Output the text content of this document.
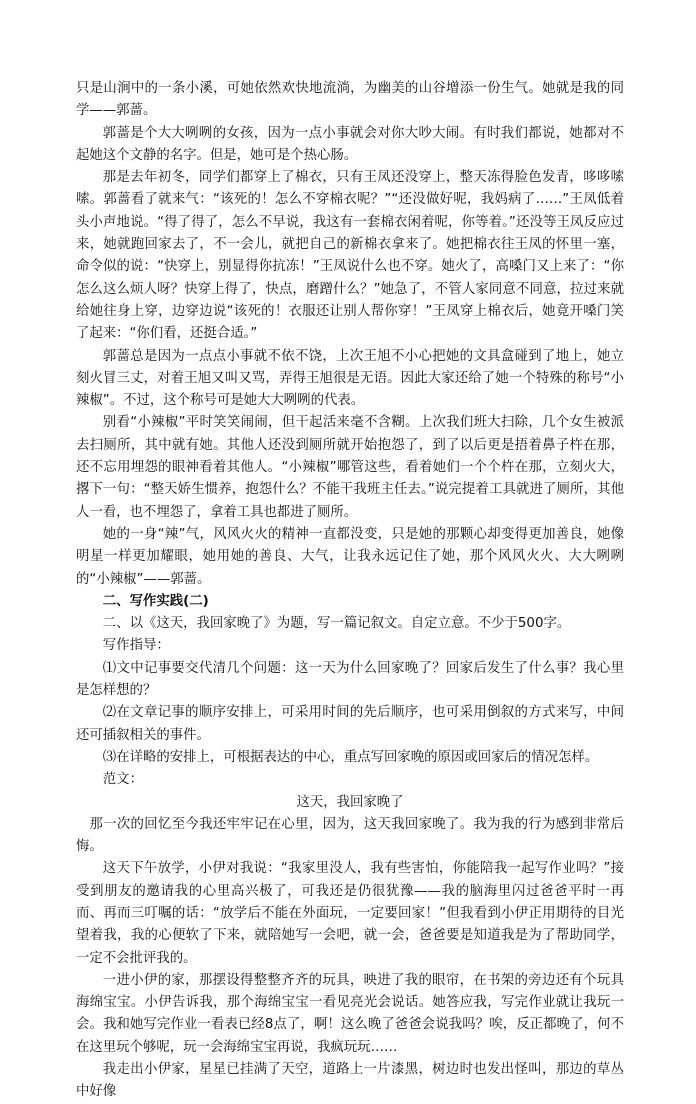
只是山涧中的一条小溪，可她依然欢快地流淌，为幽美的山谷增添一份生气。她就是我的同学——郭蔷。

郭蔷是个大大咧咧的女孩，因为一点小事就会对你大吵大闹。有时我们都说，她都对不起她这个文静的名字。但是，她可是个热心肠。

那是去年初冬，同学们都穿上了棉衣，只有王凤还没穿上，整天冻得脸色发青，哆哆嗦嗦。郭蔷看了就来气：“该死的！怎么不穿棉衣呢？”“还没做好呢，我妈病了……”王凤低着头小声地说。“得了得了，怎么不早说，我这有一套棉衣闲着呢，你等着。”还没等王凤反应过来，她就跑回家去了，不一会儿，就把自己的新棉衣拿来了。她把棉衣往王凤的怀里一塞，命令似的说：“快穿上，别显得你抗冻！”王凤说什么也不穿。她火了，高嗓门又上来了：“你怎么这么烦人呀？快穿上得了，快点，磨蹭什么？”她急了，不管人家同意不同意，拉过来就给她往身上穿，边穿边说“该死的！衣服还让别人帮你穿！”王凤穿上棉衣后，她竟开嗓门笑了起来：“你们看，还挺合适。”

郭蔷总是因为一点点小事就不依不饶，上次王旭不小心把她的文具盒碰到了地上，她立刻火冒三丈，对着王旭又叫又骂，弄得王旭很是无语。因此大家还给了她一个特殊的称号“小辣椒”。不过，这个称号可是她大大咧咧的代表。

别看“小辣椒”平时笑笑闹闹，但干起活来毫不含糊。上次我们班大扫除，几个女生被派去扫厕所，其中就有她。其他人还没到厕所就开始抱怨了，到了以后更是捂着鼻子杵在那，还不忘用埋怨的眼神看着其他人。“小辣椒”哪管这些，看着她们一个个杵在那，立刻火大，撂下一句：“整天娇生惯养，抱怨什么？不能干我班主任去。”说完提着工具就进了厕所，其他人一看，也不埋怨了，拿着工具也都进了厕所。

她的一身“辣”气，风风火火的精神一直都没变，只是她的那颗心却变得更加善良，她像明星一样更加耀眼，她用她的善良、大气，让我永远记住了她，那个风风火火、大大咧咧的“小辣椒”——郭蔷。

二、写作实践(二)

二、以《这天，我回家晚了》为题，写一篇记叙文。自定立意。不少于500字。

写作指导：

⑴文中记事要交代清几个问题：这一天为什么回家晚了？回家后发生了什么事？我心里是怎样想的？

⑵在文章记事的顺序安排上，可采用时间的先后顺序，也可采用倒叙的方式来写，中间还可插叙相关的事件。

⑶在详略的安排上，可根据表达的中心，重点写回家晚的原因或回家后的情况怎样。

范文：

这天，我回家晚了

那一次的回忆至今我还牢牢记在心里，因为，这天我回家晚了。我为我的行为感到非常后悔。

这天下午放学，小伊对我说：“我家里没人，我有些害怕，你能陪我一起写作业吗？”接受到朋友的邀请我的心里高兴极了，可我还是仍很犹豫——我的脑海里闪过爸爸平时一再而、再而三叮嘱的话：“放学后不能在外面玩，一定要回家！”但我看到小伊正用期待的目光望着我，我的心便软了下来，就陪她写一会吧，就一会，爸爸要是知道我是为了帮助同学，一定不会批评我的。

一进小伊的家，那摆设得整整齐齐的玩具，映进了我的眼帘，在书架的旁边还有个玩具海绵宝宝。小伊告诉我，那个海绵宝宝一看见亮光会说话。她答应我，写完作业就让我玩一会。我和她写完作业一看表已经8点了，啊！这么晚了爸爸会说我吗？唉，反正都晚了，何不在这里玩个够呢，玩一会海绵宝宝再说，我疯玩玩……

我走出小伊家，星星已挂满了天空，道路上一片漆黑，树边时也发出怪叫，那边的草丛中好像
